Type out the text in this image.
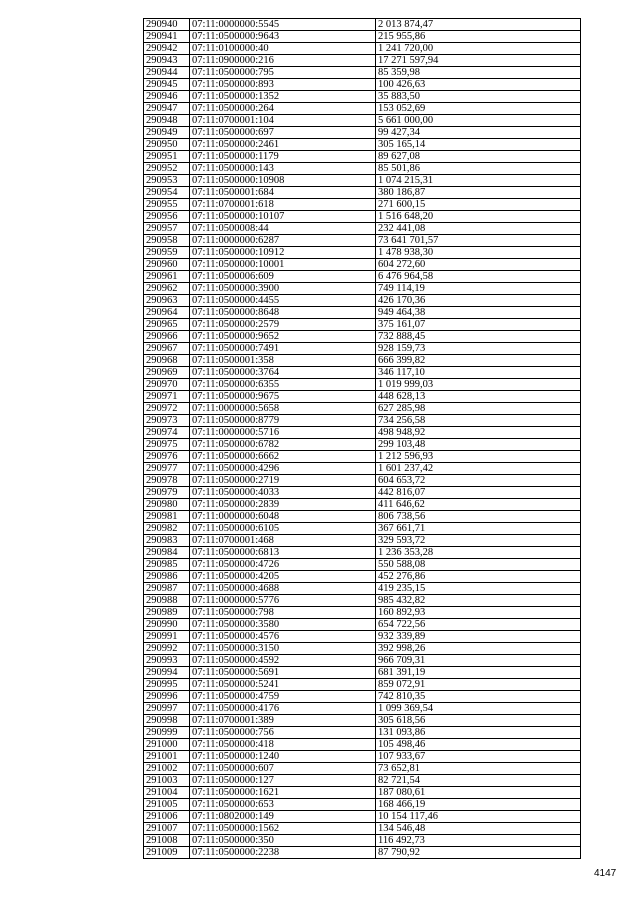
290940	07:11:0000000:5545	2 013 874,47
290941	07:11:0500000:9643	215 955,86
290942	07:11:0100000:40	1 241 720,00
290943	07:11:0900000:216	17 271 597,94
290944	07:11:0500000:795	85 359,98
290945	07:11:0500000:893	100 426,63
290946	07:11:0500000:1352	35 883,50
290947	07:11:0500000:264	153 052,69
290948	07:11:0700001:104	5 661 000,00
290949	07:11:0500000:697	99 427,34
290950	07:11:0500000:2461	305 165,14
290951	07:11:0500000:1179	89 627,08
290952	07:11:0500000:143	85 501,86
290953	07:11:0500000:10908	1 074 215,31
290954	07:11:0500001:684	380 186,87
290955	07:11:0700001:618	271 600,15
290956	07:11:0500000:10107	1 516 648,20
290957	07:11:0500008:44	232 441,08
290958	07:11:0000000:6287	73 641 701,57
290959	07:11:0500000:10912	1 478 938,30
290960	07:11:0500000:10001	604 272,60
290961	07:11:0500006:609	6 476 964,58
290962	07:11:0500000:3900	749 114,19
290963	07:11:0500000:4455	426 170,36
290964	07:11:0500000:8648	949 464,38
290965	07:11:0500000:2579	375 161,07
290966	07:11:0500000:9652	732 888,45
290967	07:11:0500000:7491	928 159,73
290968	07:11:0500001:358	666 399,82
290969	07:11:0500000:3764	346 117,10
290970	07:11:0500000:6355	1 019 999,03
290971	07:11:0500000:9675	448 628,13
290972	07:11:0000000:5658	627 285,98
290973	07:11:0500000:8779	734 256,58
290974	07:11:0000000:5716	498 948,92
290975	07:11:0500000:6782	299 103,48
290976	07:11:0500000:6662	1 212 596,93
290977	07:11:0500000:4296	1 601 237,42
290978	07:11:0500000:2719	604 653,72
290979	07:11:0500000:4033	442 816,07
290980	07:11:0500000:2839	411 646,62
290981	07:11:0000000:6048	806 738,56
290982	07:11:0500000:6105	367 661,71
290983	07:11:0700001:468	329 593,72
290984	07:11:0500000:6813	1 236 353,28
290985	07:11:0500000:4726	550 588,08
290986	07:11:0500000:4205	452 276,86
290987	07:11:0500000:4688	419 235,15
290988	07:11:0000000:5776	985 432,82
290989	07:11:0500000:798	160 892,93
290990	07:11:0500000:3580	654 722,56
290991	07:11:0500000:4576	932 339,89
290992	07:11:0500000:3150	392 998,26
290993	07:11:0500000:4592	966 709,31
290994	07:11:0500000:5691	681 391,19
290995	07:11:0500000:5241	859 072,91
290996	07:11:0500000:4759	742 810,35
290997	07:11:0500000:4176	1 099 369,54
290998	07:11:0700001:389	305 618,56
290999	07:11:0500000:756	131 093,86
291000	07:11:0500000:418	105 498,46
291001	07:11:0500000:1240	107 933,67
291002	07:11:0500000:607	73 652,81
291003	07:11:0500000:127	82 721,54
291004	07:11:0500000:1621	187 080,61
291005	07:11:0500000:653	168 466,19
291006	07:11:0802000:149	10 154 117,46
291007	07:11:0500000:1562	134 546,48
291008	07:11:0500000:350	116 492,73
291009	07:11:0500000:2238	87 790,92
4147
